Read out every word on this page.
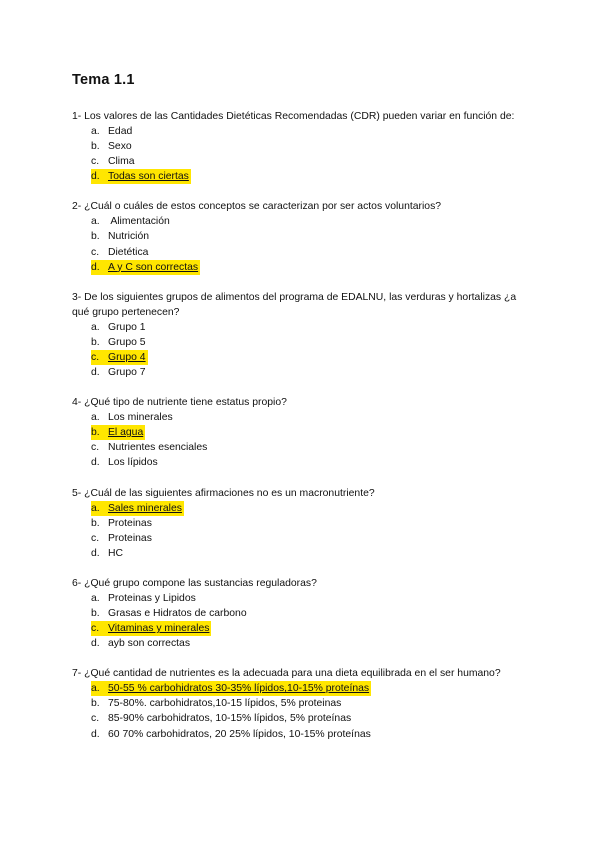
Tema 1.1

1- Los valores de las Cantidades Dietéticas Recomendadas (CDR) pueden variar en función de:

a. Edad
b. Sexo
c. Clima
d. Todas son ciertas

2- ¿Cuál o cuáles de estos conceptos se caracterizan por ser actos voluntarios?

a. Alimentación
b. Nutrición
c. Dietética
d. A y C son correctas

3- De los siguientes grupos de alimentos del programa de EDALNU, las verduras y hortalizas ¿a qué grupo pertenecen?

a. Grupo 1
b. Grupo 5
c. Grupo 4
d. Grupo 7

4- ¿Qué tipo de nutriente tiene estatus propio?

a. Los minerales
b. El agua
c. Nutrientes esenciales
d. Los lípidos

5- ¿Cuál de las siguientes afirmaciones no es un macronutriente?

a. Sales minerales
b. Proteinas
c. Proteinas
d. HC

6- ¿Qué grupo compone las sustancias reguladoras?

a. Proteinas y Lipidos
b. Grasas e Hidratos de carbono
c. Vitaminas y minerales
d. ayb son correctas

7- ¿Qué cantidad de nutrientes es la adecuada para una dieta equilibrada en el ser humano?

a. 50-55 % carbohidratos 30-35% lípidos,10-15% proteínas
b. 75-80%. carbohidratos,10-15 lípidos, 5% proteinas
c. 85-90% carbohidratos, 10-15% lípidos, 5% proteínas
d. 60 70% carbohidratos, 20 25% lípidos, 10-15% proteínas
